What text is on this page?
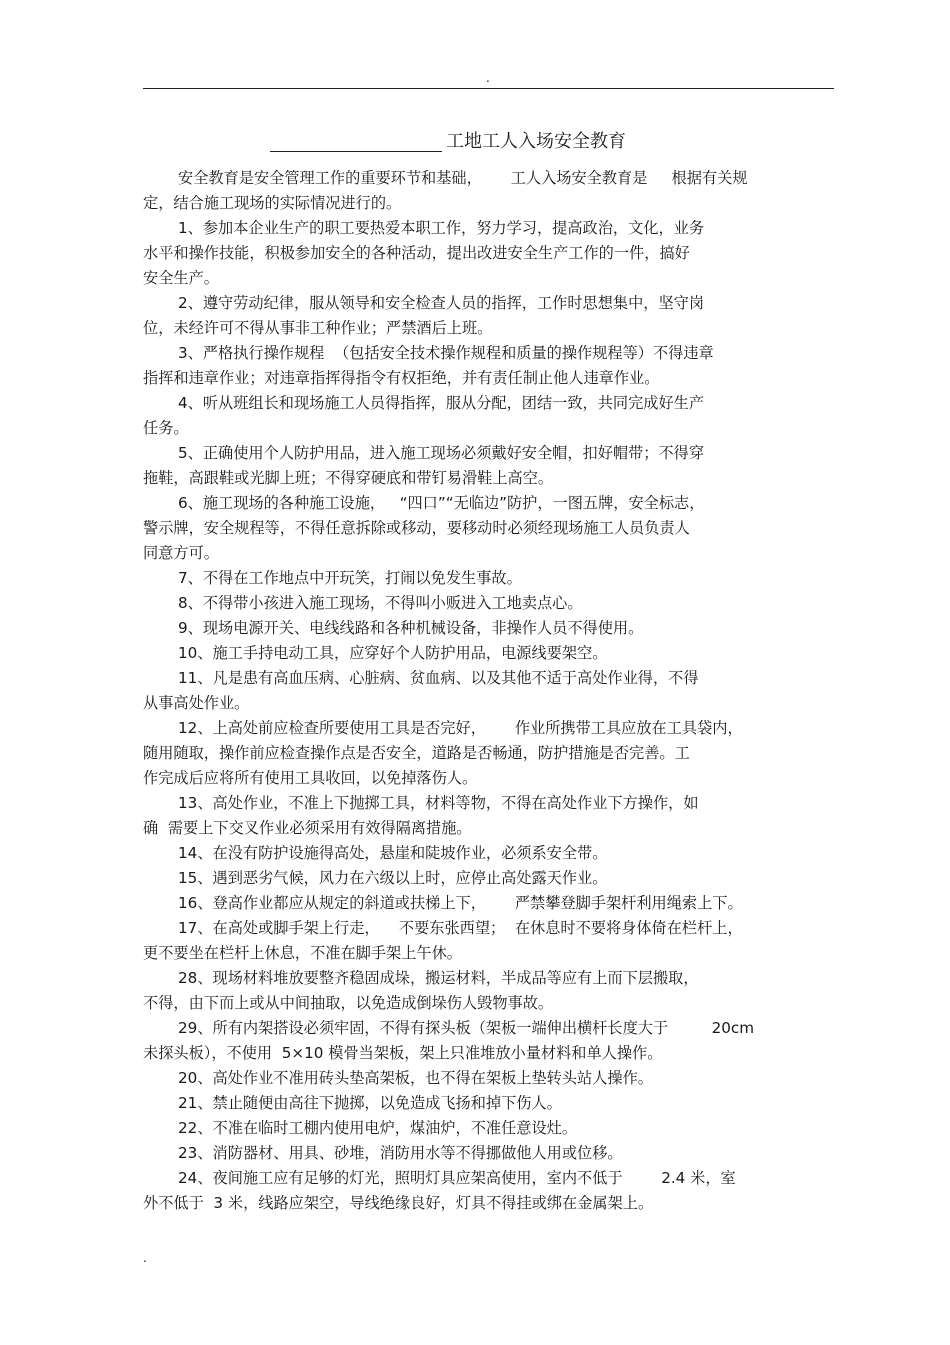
.
工地工人入场安全教育
安全教育是安全管理工作的重要环节和基础，      工人入场安全教育是     根据有关规
定，结合施工现场的实际情况进行的。
1、参加本企业生产的职工要热爱本职工作，努力学习，提高政治，文化，业务
水平和操作技能，积极参加安全的各种活动，提出改进安全生产工作的一件，搞好
安全生产。
2、遵守劳动纪律，服从领导和安全检查人员的指挥，工作时思想集中，坚守岗
位，未经许可不得从事非工种作业；严禁酒后上班。
3、严格执行操作规程  （包括安全技术操作规程和质量的操作规程等）不得违章
指挥和违章作业；对违章指挥得指令有权拒绝，并有责任制止他人违章作业。
4、听从班组长和现场施工人员得指挥，服从分配，团结一致，共同完成好生产
任务。
5、正确使用个人防护用品，进入施工现场必须戴好安全帽，扣好帽带；不得穿
拖鞋，高跟鞋或光脚上班；不得穿硬底和带钉易滑鞋上高空。
6、施工现场的各种施工设施，   “四口”“无临边”防护，一图五牌，安全标志，
警示牌，安全规程等，不得任意拆除或移动，要移动时必须经现场施工人员负责人
同意方可。
7、不得在工作地点中开玩笑，打闹以免发生事故。
8、不得带小孩进入施工现场，不得叫小贩进入工地卖点心。
9、现场电源开关、电线线路和各种机械设备，非操作人员不得使用。
10、施工手持电动工具，应穿好个人防护用品，电源线要架空。
11、凡是患有高血压病、心脏病、贫血病、以及其他不适于高处作业得，不得
从事高处作业。
12、上高处前应检查所要使用工具是否完好，      作业所携带工具应放在工具袋内，
随用随取，操作前应检查操作点是否安全，道路是否畅通，防护措施是否完善。工
作完成后应将所有使用工具收回，以免掉落伤人。
13、高处作业，不准上下抛掷工具，材料等物，不得在高处作业下方操作，如
确  需要上下交叉作业必须采用有效得隔离措施。
14、在没有防护设施得高处，悬崖和陡坡作业，必须系安全带。
15、遇到恶劣气候，风力在六级以上时，应停止高处露天作业。
16、登高作业都应从规定的斜道或扶梯上下，      严禁攀登脚手架杆利用绳索上下。
17、在高处或脚手架上行走，    不要东张西望；  在休息时不要将身体倚在栏杆上，
更不要坐在栏杆上休息，不准在脚手架上午休。
28、现场材料堆放要整齐稳固成垛，搬运材料，半成品等应有上而下层搬取，
不得，由下而上或从中间抽取，以免造成倒垛伤人毁物事故。
29、所有内架搭设必须牢固，不得有探头板（架板一端伸出横杆长度大于         20cm
未探头板），不使用  5×10 模骨当架板，架上只准堆放小量材料和单人操作。
20、高处作业不准用砖头垫高架板，也不得在架板上垫转头站人操作。
21、禁止随便由高往下抛掷，以免造成飞扬和掉下伤人。
22、不准在临时工棚内使用电炉，煤油炉，不准任意设灶。
23、消防器材、用具、砂堆，消防用水等不得挪做他人用或位移。
24、夜间施工应有足够的灯光，照明灯具应架高使用，室内不低于        2.4 米，室
外不低于  3 米，线路应架空，导线绝缘良好，灯具不得挂或绑在金属架上。
.
